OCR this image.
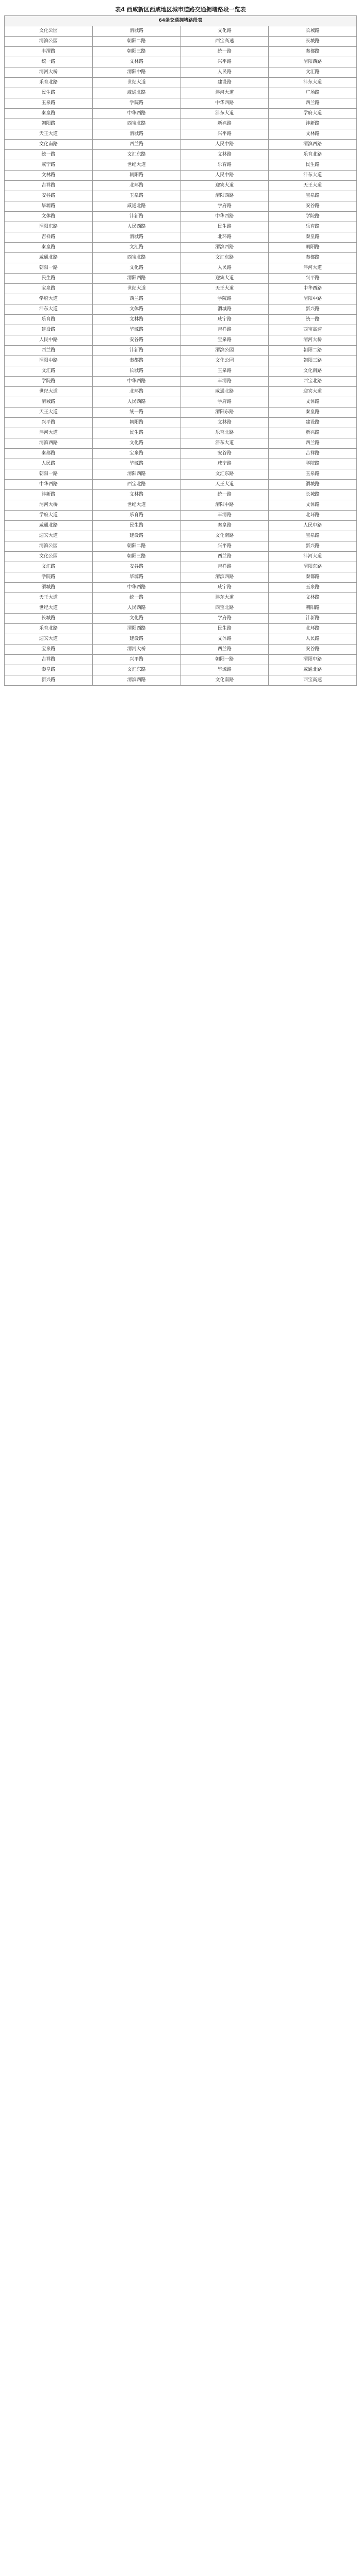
表4 西咸新区西咸地区城市道路交通拥堵路段一览表
64条交通拥堵路段表			
文化公园	渭城路	文化路	长城路
渭滨公园	朝阳二路	西宝高速	长城路
丰渭路	朝阳三路	统一路	秦都路
统一路	文林路	兴平路	渭阳西路
渭河大桥	渭阳中路	人民路	文汇路
乐育北路	世纪大道	建设路	沣东大道
民生路	咸通北路	沣河大道	广场路
玉泉路	学院路	中华西路	西兰路
秦皇路	中华西路	沣东大道	学府大道
朝阳路	西宝北路	新兴路	沣新路
天王大道	渭城路	兴平路	文林路
文化南路	西兰路	人民中路	渭滨西路
统一路	文汇东路	文林路	乐育北路
咸宁路	世纪大道	乐育路	民生路
文林路	朝阳路	人民中路	沣东大道
吉祥路	北环路	迎宾大道	天王大道
安谷路	玉泉路	渭阳西路	宝泉路
毕塬路	咸通北路	学府路	安谷路
文体路	沣新路	中华西路	学院路
渭阳东路	人民西路	民生路	乐育路
吉祥路	渭城路	北环路	秦皇路
秦皇路	文汇路	渭滨西路	朝阳路
咸通北路	西宝北路	文汇东路	秦都路
朝阳一路	文化路	人民路	沣河大道
民生路	渭阳西路	迎宾大道	兴平路
宝泉路	世纪大道	天王大道	中华西路
学府大道	西兰路	学院路	渭阳中路
沣东大道	文体路	渭城路	新兴路
乐育路	文林路	咸宁路	统一路
建设路	毕塬路	吉祥路	西宝高速
人民中路	安谷路	宝泉路	渭河大桥
西兰路	沣新路	渭滨公园	朝阳二路
渭阳中路	秦都路	文化公园	朝阳三路
文汇路	长城路	玉泉路	文化南路
学院路	中华西路	丰渭路	西宝北路
世纪大道	北环路	咸通北路	迎宾大道
渭城路	人民西路	学府路	文体路
天王大道	统一路	渭阳东路	秦皇路
兴平路	朝阳路	文林路	建设路
沣河大道	民生路	乐育北路	新兴路
渭滨西路	文化路	沣东大道	西兰路
秦都路	宝泉路	安谷路	吉祥路
人民路	毕塬路	咸宁路	学院路
朝阳一路	渭阳西路	文汇东路	玉泉路
中华西路	西宝北路	天王大道	渭城路
沣新路	文林路	统一路	长城路
渭河大桥	世纪大道	渭阳中路	文体路
学府大道	乐育路	丰渭路	北环路
咸通北路	民生路	秦皇路	人民中路
迎宾大道	建设路	文化南路	宝泉路
渭滨公园	朝阳二路	兴平路	新兴路
文化公园	朝阳三路	西兰路	沣河大道
文汇路	安谷路	吉祥路	渭阳东路
学院路	毕塬路	渭滨西路	秦都路
渭城路	中华西路	咸宁路	玉泉路
天王大道	统一路	沣东大道	文林路
世纪大道	人民西路	西宝北路	朝阳路
长城路	文化路	学府路	沣新路
乐育北路	渭阳西路	民生路	北环路
迎宾大道	建设路	文体路	人民路
宝泉路	渭河大桥	西兰路	安谷路
吉祥路	兴平路	朝阳一路	渭阳中路
秦皇路	文汇东路	毕塬路	咸通北路
新兴路	渭滨西路	文化南路	西宝高速
